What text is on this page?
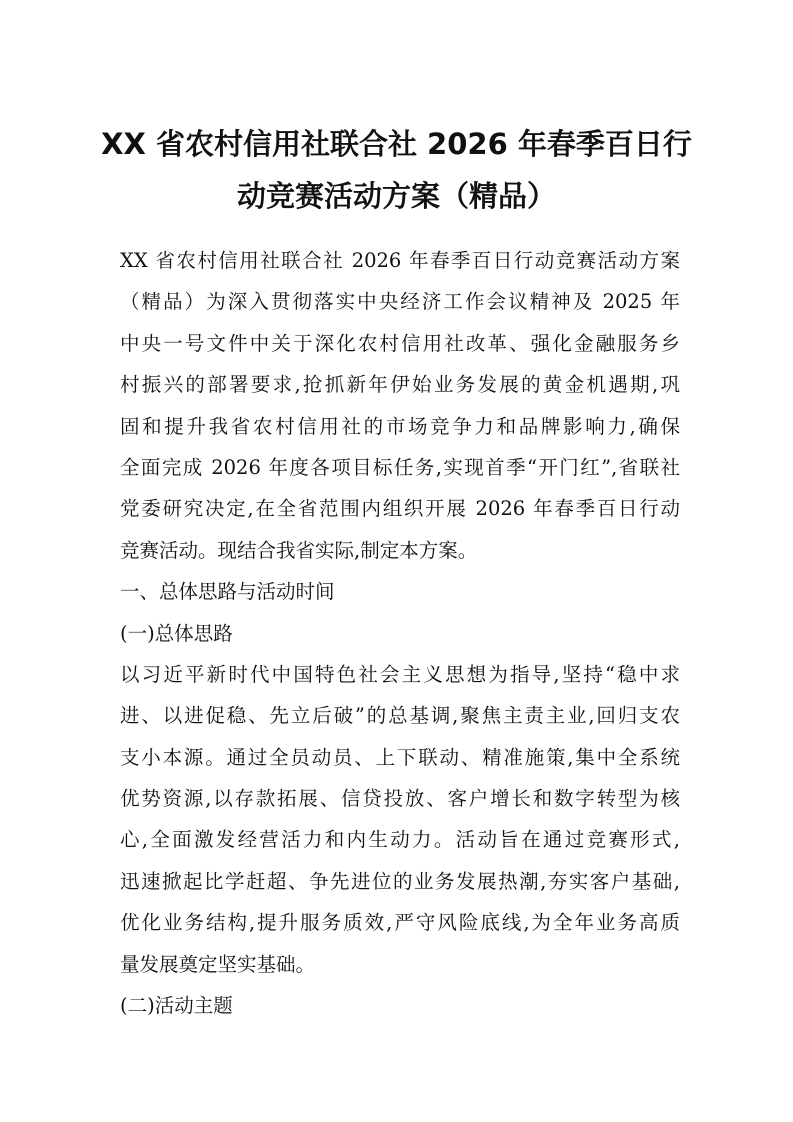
XX 省农村信用社联合社 2026 年春季百日行
动竞赛活动方案（精品）
XX 省农村信用社联合社 2026 年春季百日行动竞赛活动方案
（精品）为深入贯彻落实中央经济工作会议精神及 2025 年
中央一号文件中关于深化农村信用社改革、强化金融服务乡
村振兴的部署要求,抢抓新年伊始业务发展的黄金机遇期,巩
固和提升我省农村信用社的市场竞争力和品牌影响力,确保
全面完成 2026 年度各项目标任务,实现首季“开门红”,省联社
党委研究决定,在全省范围内组织开展 2026 年春季百日行动
竞赛活动。现结合我省实际,制定本方案。
一、总体思路与活动时间
(一)总体思路
以习近平新时代中国特色社会主义思想为指导,坚持“稳中求
进、以进促稳、先立后破”的总基调,聚焦主责主业,回归支农
支小本源。通过全员动员、上下联动、精准施策,集中全系统
优势资源,以存款拓展、信贷投放、客户增长和数字转型为核
心,全面激发经营活力和内生动力。活动旨在通过竞赛形式,
迅速掀起比学赶超、争先进位的业务发展热潮,夯实客户基础,
优化业务结构,提升服务质效,严守风险底线,为全年业务高质
量发展奠定坚实基础。
(二)活动主题
